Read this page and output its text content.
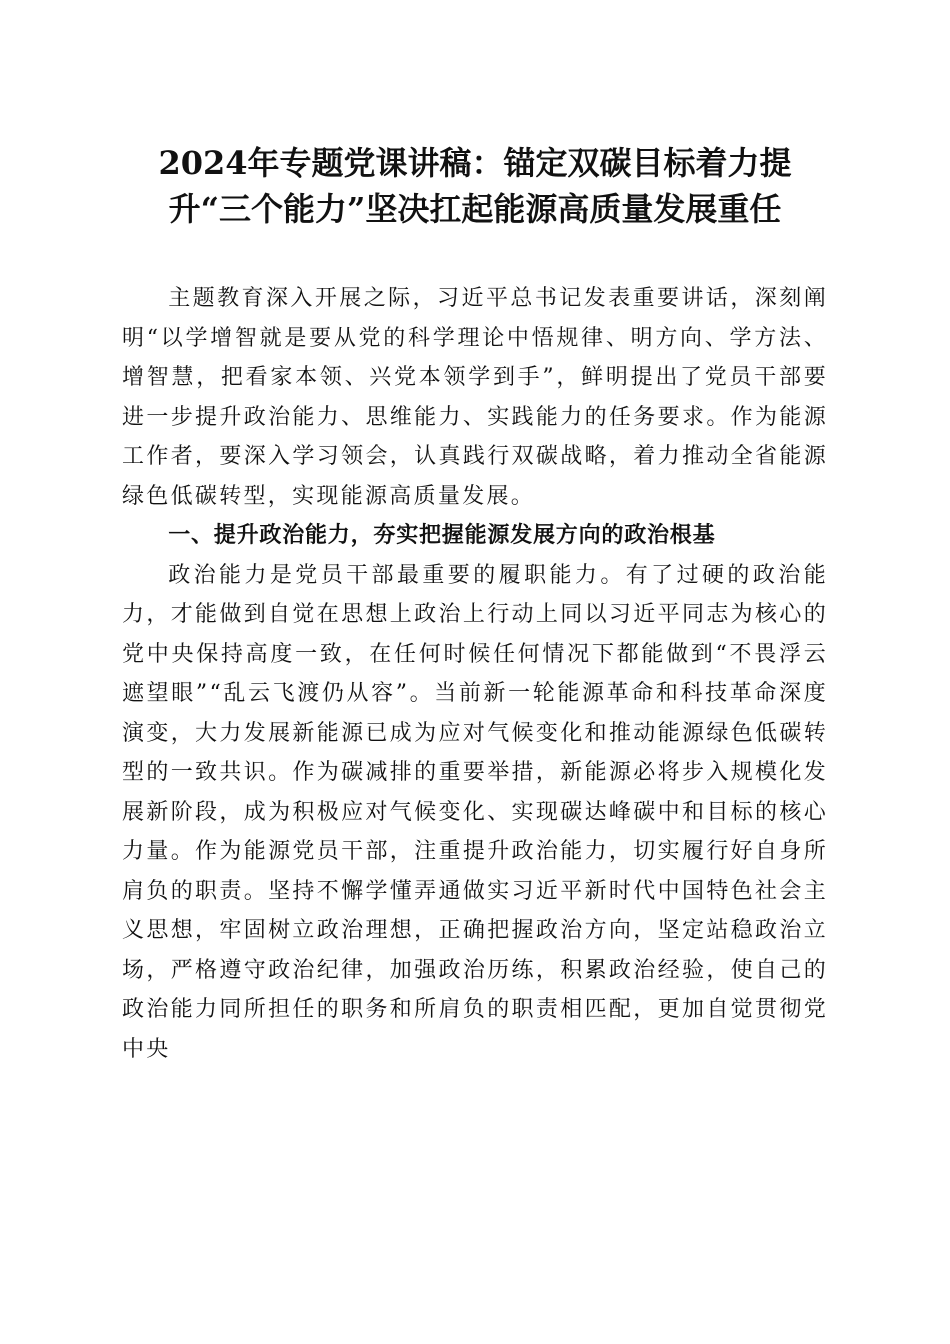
2024年专题党课讲稿：锚定双碳目标着力提升“三个能力”坚决扛起能源高质量发展重任

主题教育深入开展之际，习近平总书记发表重要讲话，深刻阐明“以学增智就是要从党的科学理论中悟规律、明方向、学方法、增智慧，把看家本领、兴党本领学到手”，鲜明提出了党员干部要进一步提升政治能力、思维能力、实践能力的任务要求。作为能源工作者，要深入学习领会，认真践行双碳战略，着力推动全省能源绿色低碳转型，实现能源高质量发展。

一、提升政治能力，夯实把握能源发展方向的政治根基

政治能力是党员干部最重要的履职能力。有了过硬的政治能力，才能做到自觉在思想上政治上行动上同以习近平同志为核心的党中央保持高度一致，在任何时候任何情况下都能做到“不畏浮云遮望眼”“乱云飞渡仍从容”。当前新一轮能源革命和科技革命深度演变，大力发展新能源已成为应对气候变化和推动能源绿色低碳转型的一致共识。作为碳减排的重要举措，新能源必将步入规模化发展新阶段，成为积极应对气候变化、实现碳达峰碳中和目标的核心力量。作为能源党员干部，注重提升政治能力，切实履行好自身所肩负的职责。坚持不懈学懂弄通做实习近平新时代中国特色社会主义思想，牢固树立政治理想，正确把握政治方向，坚定站稳政治立场，严格遵守政治纪律，加强政治历练，积累政治经验，使自己的政治能力同所担任的职务和所肩负的职责相匹配，更加自觉贯彻党中央
